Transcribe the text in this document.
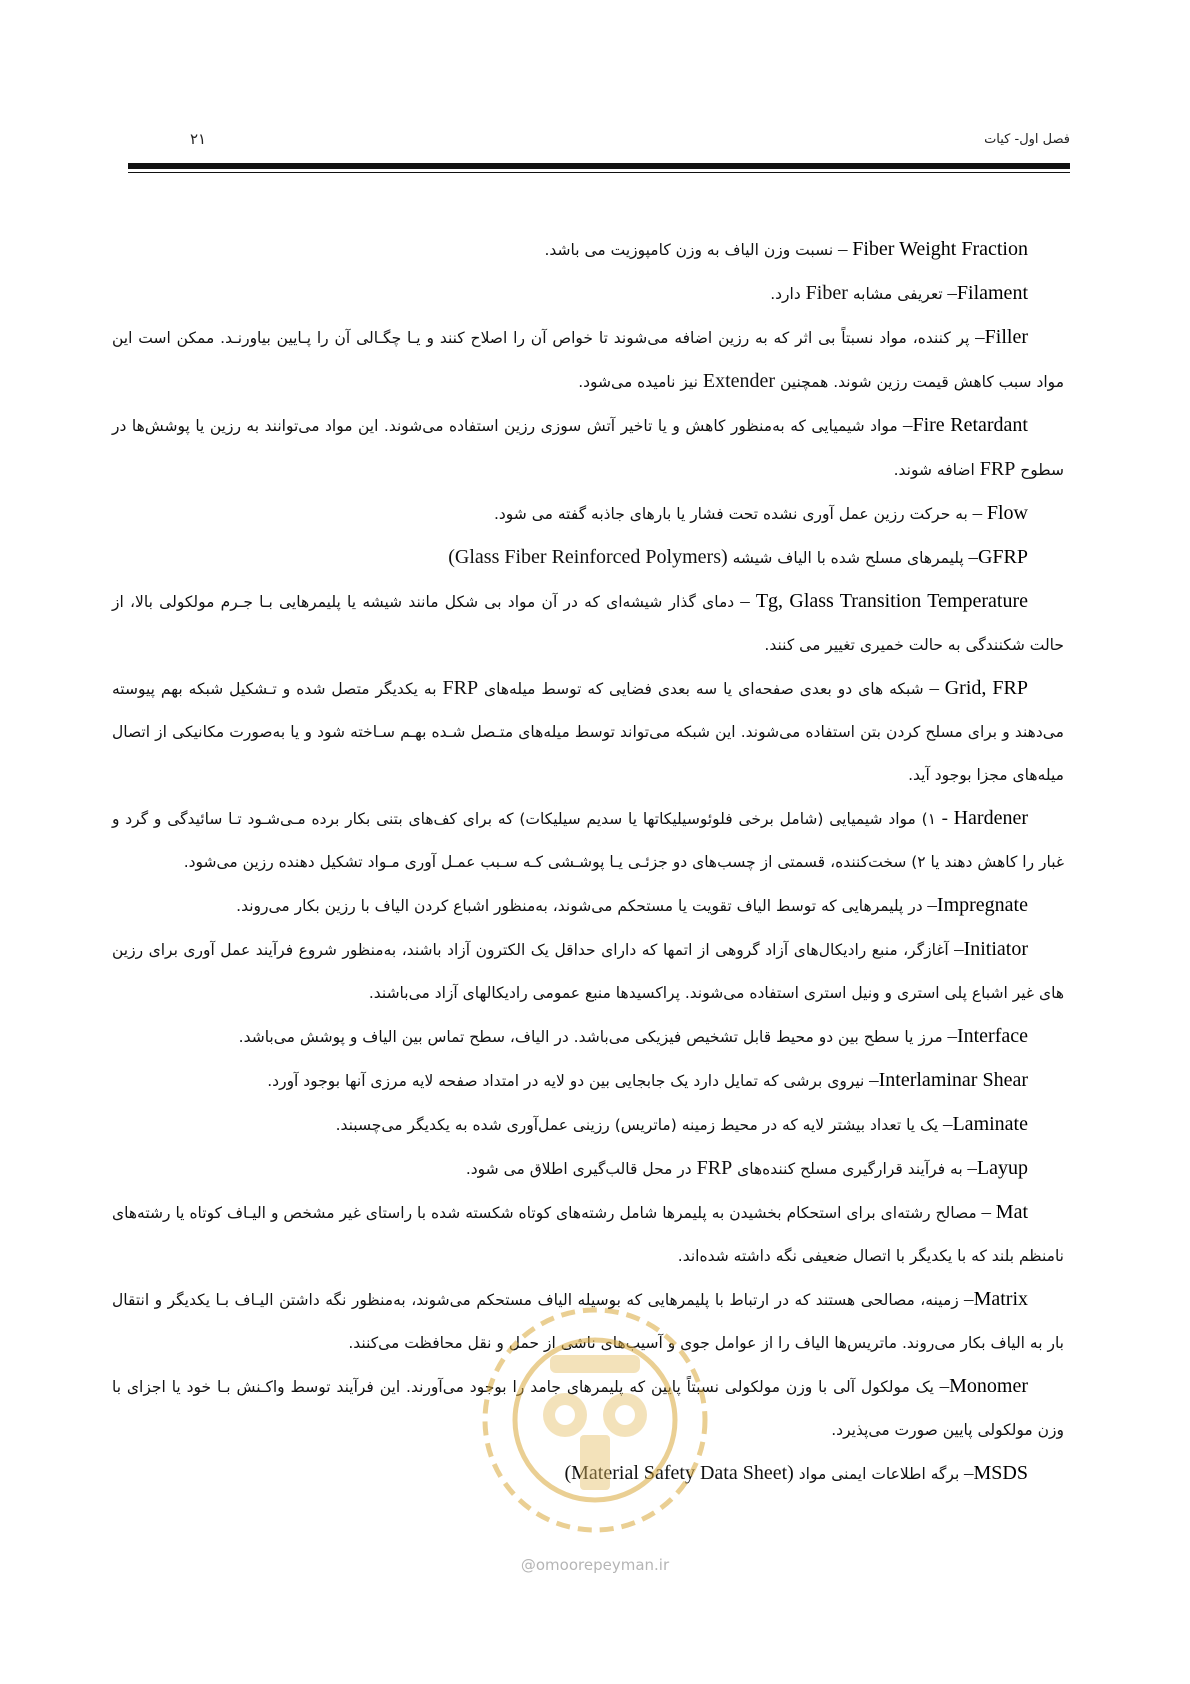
فصل اول- کیات
۲۱

Fiber Weight Fraction – نسبت وزن الیاف به وزن کامپوزیت می باشد.

Filament– تعریفی مشابه Fiber دارد.

Filler– پر کننده، مواد نسبتاً بی اثر که به رزین اضافه می‌شوند تا خواص آن را اصلاح کنند و یـا چگـالی آن را پـایین بیاورنـد. ممکن است این مواد سبب کاهش قیمت رزین شوند. همچنین Extender نیز نامیده می‌شود.

Fire Retardant– مواد شیمیایی که به‌منظور کاهش و یا تاخیر آتش سوزی رزین استفاده می‌شوند. این مواد می‌توانند به رزین یا پوشش‌ها در سطوح FRP اضافه شوند.

Flow – به حرکت رزین عمل آوری نشده تحت فشار یا بارهای جاذبه گفته می شود.

GFRP– پلیمرهای مسلح شده با الیاف شیشه (Glass Fiber Reinforced Polymers)

Tg, Glass Transition Temperature – دمای گذار شیشه‌ای که در آن مواد بی شکل مانند شیشه یا پلیمرهایی بـا جـرم مولکولی بالا، از حالت شکنندگی به حالت خمیری تغییر می کنند.

Grid, FRP – شبکه های دو بعدی صفحه‌ای یا سه بعدی فضایی که توسط میله‌های FRP به یکدیگر متصل شده و تـشکیل شبکه بهم پیوسته می‌دهند و برای مسلح کردن بتن استفاده می‌شوند. این شبکه می‌تواند توسط میله‌های متـصل شـده بهـم سـاخته شود و یا به‌صورت مکانیکی از اتصال میله‌های مجزا بوجود آید.

Hardener - ۱) مواد شیمیایی (شامل برخی فلوئوسیلیکاتها یا سدیم سیلیکات) که برای کف‌های بتنی بکار برده مـی‌شـود تـا سائیدگی و گرد و غبار را کاهش دهند یا ۲) سخت‌کننده، قسمتی از چسب‌های دو جزئـی یـا پوشـشی کـه سـبب عمـل آوری مـواد تشکیل دهنده رزین می‌شود.

Impregnate– در پلیمرهایی که توسط الیاف تقویت یا مستحکم می‌شوند، به‌منظور اشباع کردن الیاف با رزین بکار می‌روند.

Initiator– آغازگر، منبع رادیکال‌های آزاد گروهی از اتمها که دارای حداقل یک الکترون آزاد باشند، به‌منظور شروع فرآیند عمل آوری برای رزین های غیر اشباع پلی استری و ونیل استری استفاده می‌شوند. پراکسیدها منبع عمومی رادیکالهای آزاد می‌باشند.

Interface– مرز یا سطح بین دو محیط قابل تشخیص فیزیکی می‌باشد. در الیاف، سطح تماس بین الیاف و پوشش می‌باشد.

Interlaminar Shear– نیروی برشی که تمایل دارد یک جابجایی بین دو لایه در امتداد صفحه لایه مرزی آنها بوجود آورد.

Laminate– یک یا تعداد بیشتر لایه که در محیط زمینه (ماتریس) رزینی عمل‌آوری شده به یکدیگر می‌چسبند.

Layup– به فرآیند قرارگیری مسلح کننده‌های FRP در محل قالب‌گیری اطلاق می شود.

Mat – مصالح رشته‌ای برای استحکام بخشیدن به پلیمرها شامل رشته‌های کوتاه شکسته شده با راستای غیر مشخص و الیـاف کوتاه یا رشته‌های نامنظم بلند که با یکدیگر با اتصال ضعیفی نگه داشته شده‌اند.

Matrix– زمینه، مصالحی هستند که در ارتباط با پلیمرهایی که بوسیله الیاف مستحکم می‌شوند، به‌منظور نگه داشتن الیـاف بـا یکدیگر و انتقال بار به الیاف بکار می‌روند. ماتریس‌ها الیاف را از عوامل جوی و آسیب‌های ناشی از حمل و نقل محافظت می‌کنند.

Monomer– یک مولکول آلی با وزن مولکولی نسبتاً پایین که پلیمرهای جامد را بوجود می‌آورند. این فرآیند توسط واکـنش بـا خود یا اجزای با وزن مولکولی پایین صورت می‌پذیرد.

MSDS– برگه اطلاعات ایمنی مواد (Material Safety Data Sheet)

@omoorepeyman.ir
